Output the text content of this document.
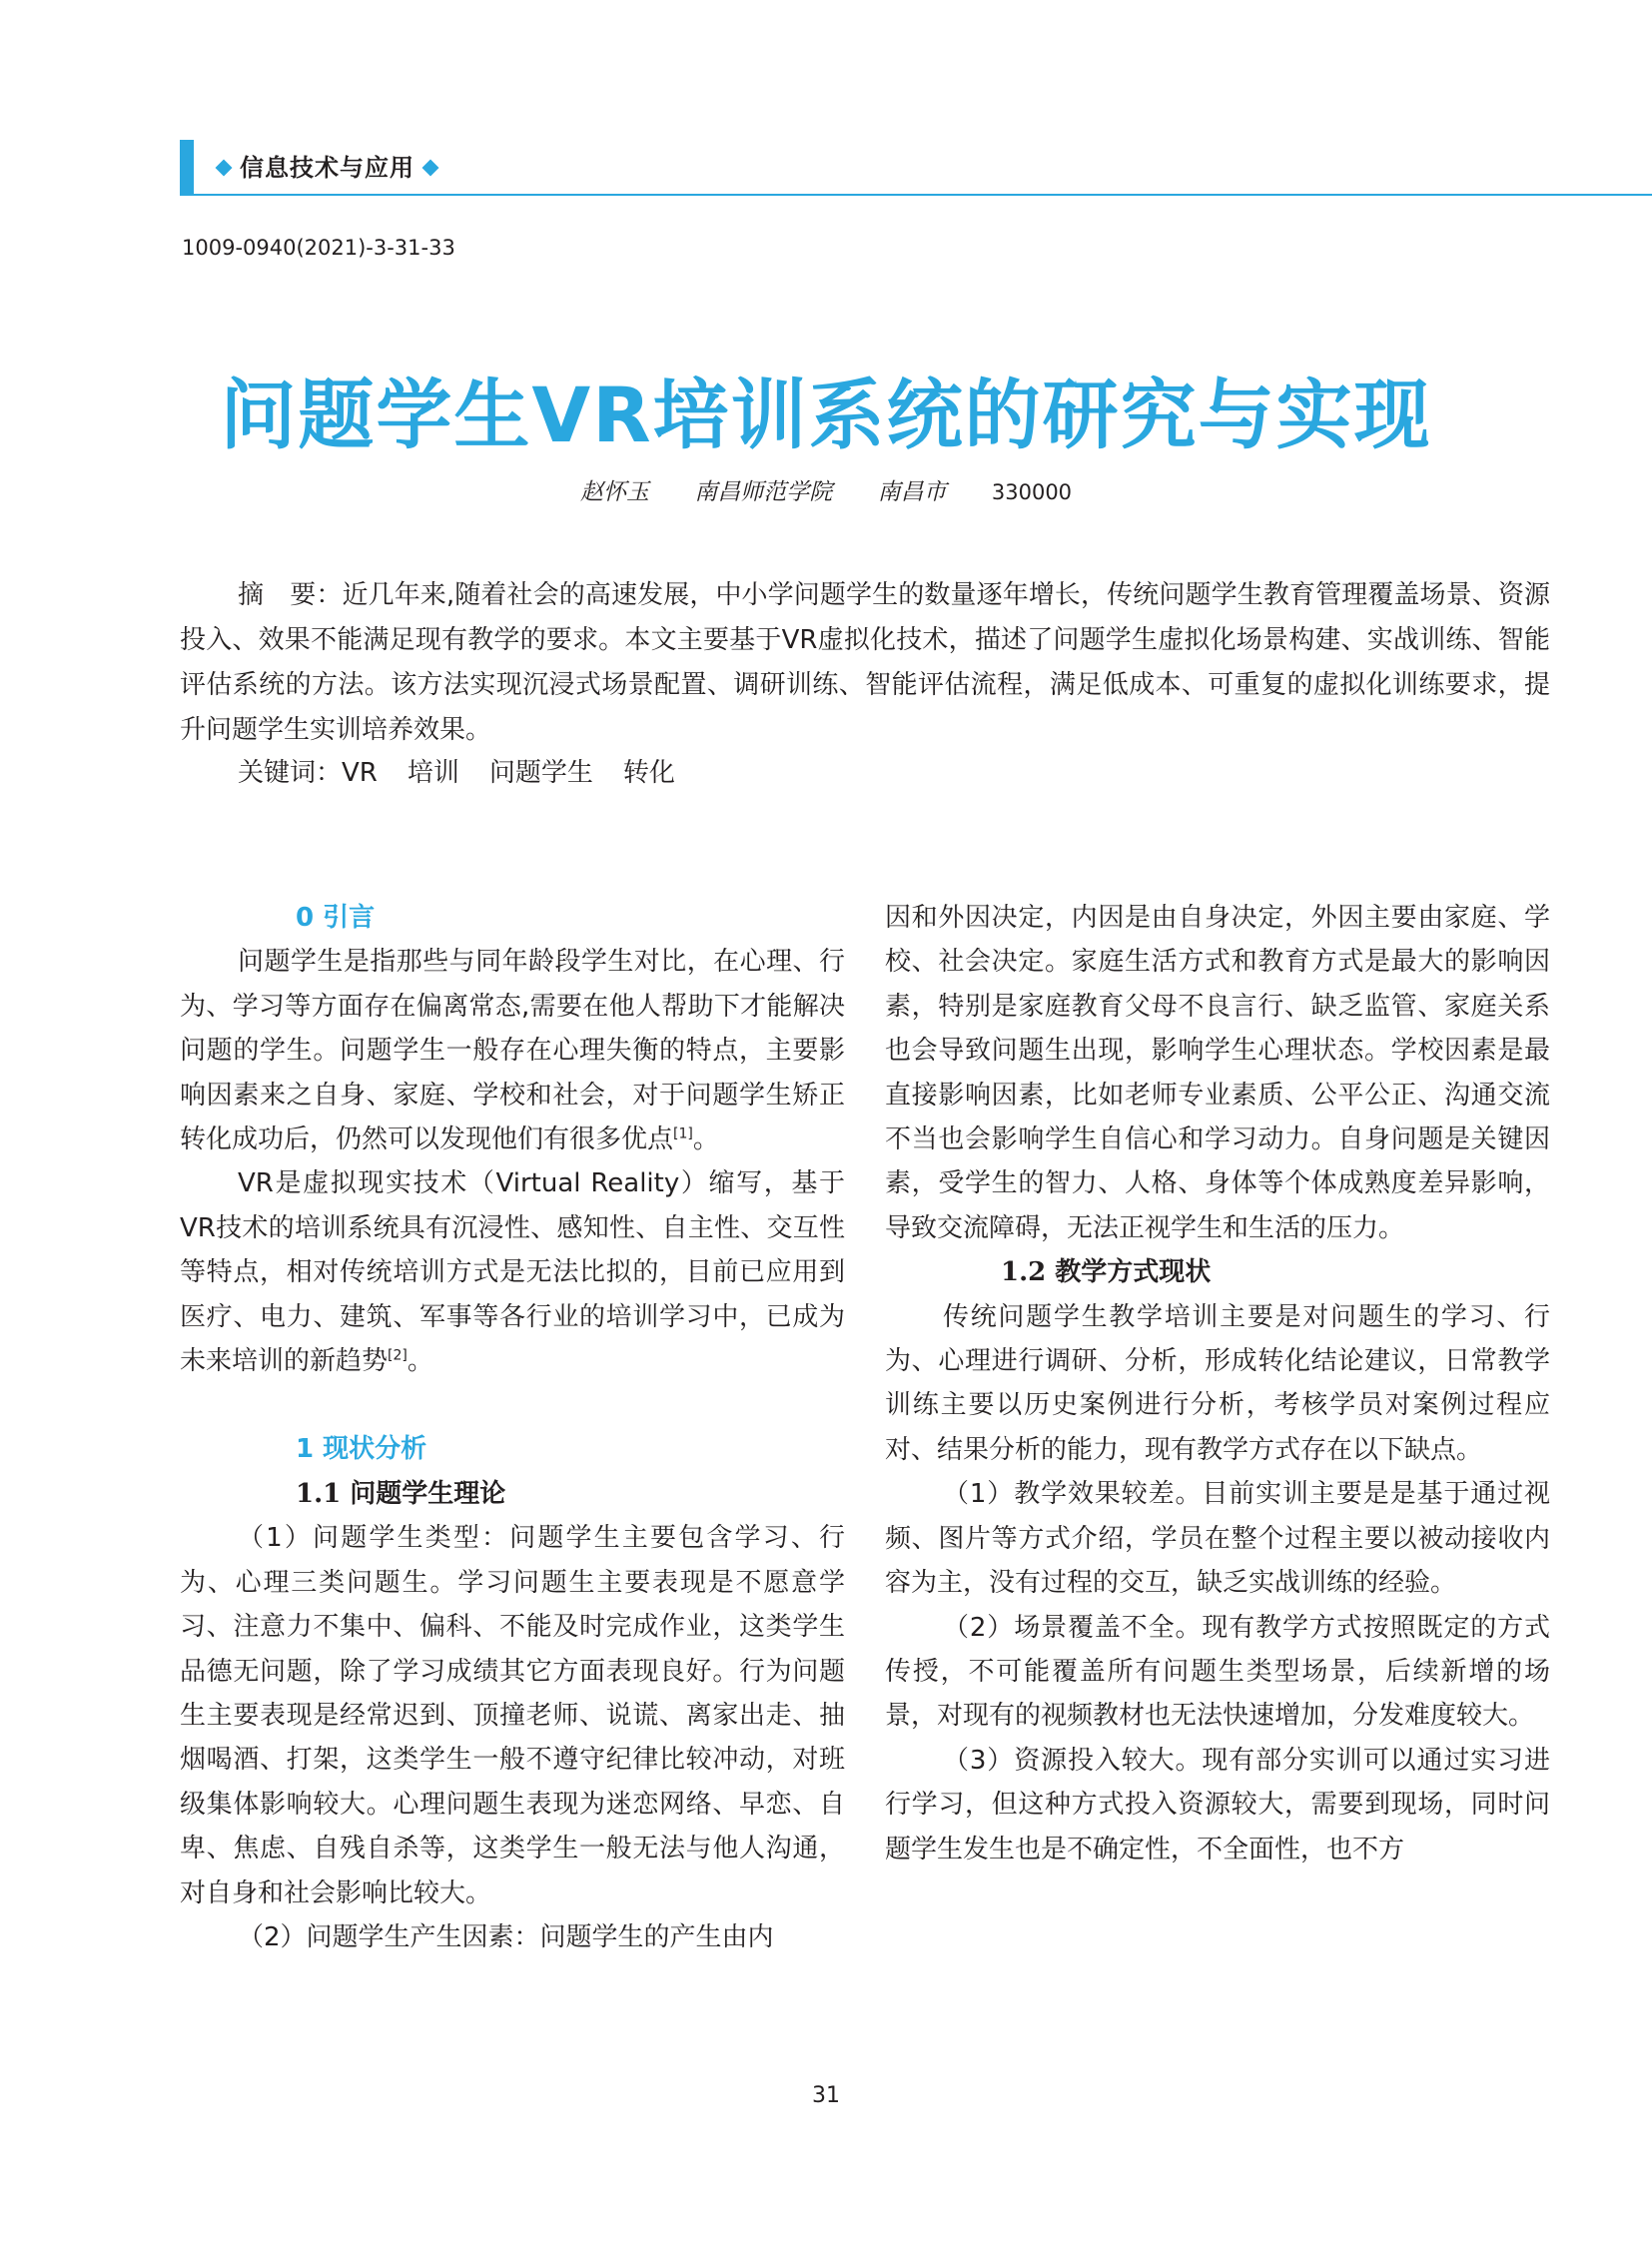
信息技术与应用
1009-0940(2021)-3-31-33
问题学生VR培训系统的研究与实现
赵怀玉 南昌师范学院 南昌市 330000
摘　要：近几年来,随着社会的高速发展，中小学问题学生的数量逐年增长，传统问题学生教育管理覆盖场景、资源投入、效果不能满足现有教学的要求。本文主要基于VR虚拟化技术，描述了问题学生虚拟化场景构建、实战训练、智能评估系统的方法。该方法实现沉浸式场景配置、调研训练、智能评估流程，满足低成本、可重复的虚拟化训练要求，提升问题学生实训培养效果。
关键词：VR 培训 问题学生 转化

0 引言

问题学生是指那些与同年龄段学生对比，在心理、行为、学习等方面存在偏离常态,需要在他人帮助下才能解决问题的学生。问题学生一般存在心理失衡的特点，主要影响因素来之自身、家庭、学校和社会，对于问题学生矫正转化成功后，仍然可以发现他们有很多优点[1]。

VR是虚拟现实技术（Virtual Reality）缩写，基于VR技术的培训系统具有沉浸性、感知性、自主性、交互性等特点，相对传统培训方式是无法比拟的，目前已应用到医疗、电力、建筑、军事等各行业的培训学习中，已成为未来培训的新趋势[2]。

1 现状分析

1.1 问题学生理论

（1）问题学生类型：问题学生主要包含学习、行为、心理三类问题生。学习问题生主要表现是不愿意学习、注意力不集中、偏科、不能及时完成作业，这类学生品德无问题，除了学习成绩其它方面表现良好。行为问题生主要表现是经常迟到、顶撞老师、说谎、离家出走、抽烟喝酒、打架，这类学生一般不遵守纪律比较冲动，对班级集体影响较大。心理问题生表现为迷恋网络、早恋、自卑、焦虑、自残自杀等，这类学生一般无法与他人沟通，对自身和社会影响比较大。

（2）问题学生产生因素：问题学生的产生由内

因和外因决定，内因是由自身决定，外因主要由家庭、学校、社会决定。家庭生活方式和教育方式是最大的影响因素，特别是家庭教育父母不良言行、缺乏监管、家庭关系也会导致问题生出现，影响学生心理状态。学校因素是最直接影响因素，比如老师专业素质、公平公正、沟通交流不当也会影响学生自信心和学习动力。自身问题是关键因素，受学生的智力、人格、身体等个体成熟度差异影响，导致交流障碍，无法正视学生和生活的压力。

1.2 教学方式现状

传统问题学生教学培训主要是对问题生的学习、行为、心理进行调研、分析，形成转化结论建议，日常教学训练主要以历史案例进行分析，考核学员对案例过程应对、结果分析的能力，现有教学方式存在以下缺点。

（1）教学效果较差。目前实训主要是是基于通过视频、图片等方式介绍，学员在整个过程主要以被动接收内容为主，没有过程的交互，缺乏实战训练的经验。

（2）场景覆盖不全。现有教学方式按照既定的方式传授，不可能覆盖所有问题生类型场景，后续新增的场景，对现有的视频教材也无法快速增加，分发难度较大。

（3）资源投入较大。现有部分实训可以通过实习进行学习，但这种方式投入资源较大，需要到现场，同时问题学生发生也是不确定性，不全面性，也不方

31
